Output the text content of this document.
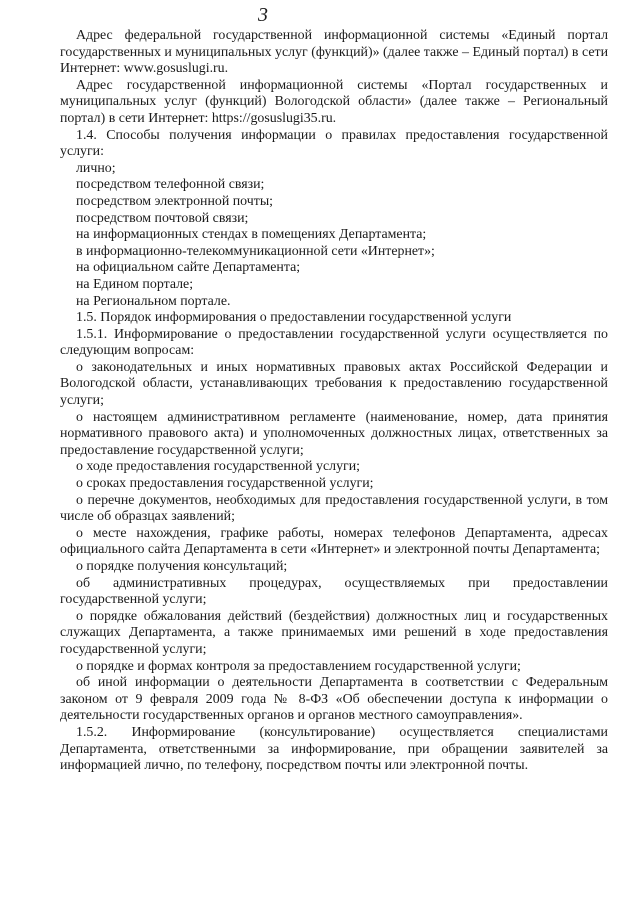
3

Адрес федеральной государственной информационной системы «Единый портал государственных и муниципальных услуг (функций)» (далее также – Единый портал) в сети Интернет: www.gosuslugi.ru.

Адрес государственной информационной системы «Портал государственных и муниципальных услуг (функций) Вологодской области» (далее также – Региональный портал) в сети Интернет: https://gosuslugi35.ru.

1.4. Способы получения информации о правилах предоставления государственной услуги:

лично;

посредством телефонной связи;

посредством электронной почты;

посредством почтовой связи;

на информационных стендах в помещениях Департамента;

в информационно-телекоммуникационной сети «Интернет»;

на официальном сайте Департамента;

на Едином портале;

на Региональном портале.

1.5. Порядок информирования о предоставлении государственной услуги

1.5.1. Информирование о предоставлении государственной услуги осуществляется по следующим вопросам:

о законодательных и иных нормативных правовых актах Российской Федерации и Вологодской области, устанавливающих требования к предоставлению государственной услуги;

о настоящем административном регламенте (наименование, номер, дата принятия нормативного правового акта) и уполномоченных должностных лицах, ответственных за предоставление государственной услуги;

о ходе предоставления государственной услуги;

о сроках предоставления государственной услуги;

о перечне документов, необходимых для предоставления государственной услуги, в том числе об образцах заявлений;

о месте нахождения, графике работы, номерах телефонов Департамента, адресах официального сайта Департамента в сети «Интернет» и электронной почты Департамента;

о порядке получения консультаций;

об административных процедурах, осуществляемых при предоставлении государственной услуги;

о порядке обжалования действий (бездействия) должностных лиц и государственных служащих Департамента, а также принимаемых ими решений в ходе предоставления государственной услуги;

о порядке и формах контроля за предоставлением государственной услуги;

об иной информации о деятельности Департамента в соответствии с Федеральным законом от 9 февраля 2009 года № 8-ФЗ «Об обеспечении доступа к информации о деятельности государственных органов и органов местного самоуправления».

1.5.2. Информирование (консультирование) осуществляется специалистами Департамента, ответственными за информирование, при обращении заявителей за информацией лично, по телефону, посредством почты или электронной почты.
